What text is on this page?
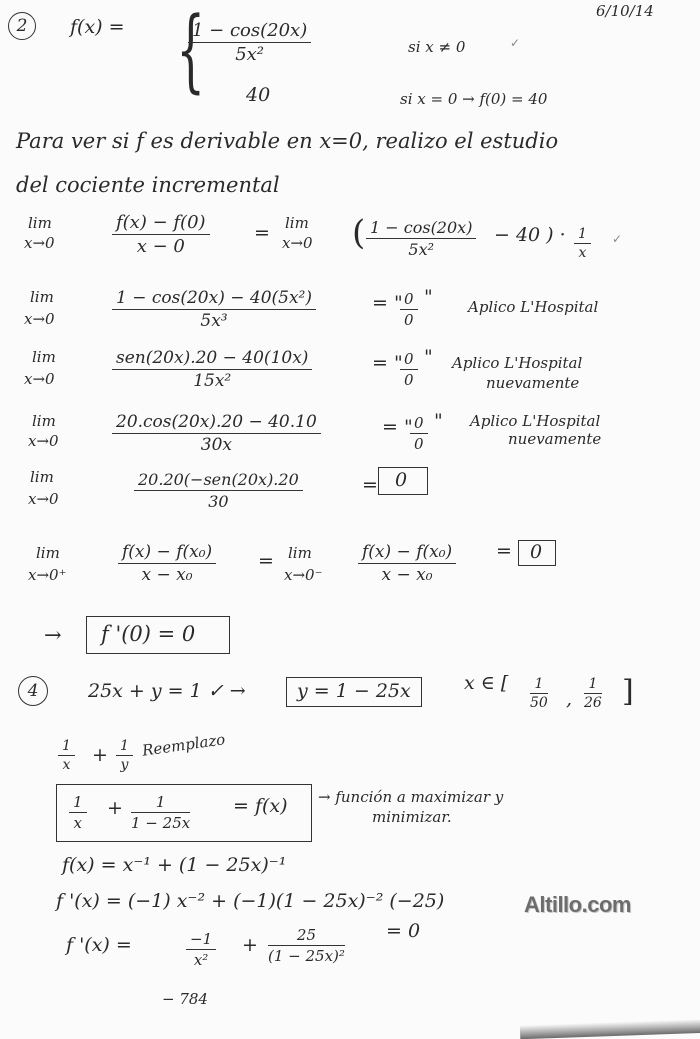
6/10/14
2	f(x) = {
$\frac{1 - \cos(20x)}{\text{5x²}}$	si x ≠ 0	✓
40	si x = 0 → f(0) = 40
Para ver si f es derivable en x=0, realizo el estudio
del cociente incremental
lim
x→0	$\frac{f(x) - f(0)}{x - 0} = \lim$
x→0 ( $\frac{1 - \cos(20x)}{\text{5x²}} - 40$ ) · $\frac{1}{x}$ ✓
lim
x→0	$\frac{\text{1 − cos(20x) − 40(5x²)}}{\text{5x³}}$	= "
$\frac{0}{0}$ " Aplico L'Hospital
lim
x→0
sen(20x).20 − 40(10x)
15x²
= "
$\frac{0}{0}$ " Aplico L'Hospital
nuevamente
lim
x→0	$\frac{20.\cos(20x).20 - 40.10}{30x}$	= "
$\frac{0}{0}$ " Aplico L'Hospital
nuevamente
lim
x→0
20.20(−sen(20x).20
30
= 0
lim
x→0⁺	$\frac{\text{f(x) − f(x₀)}}{\text{x − x₀}} = \lim$
$x\to 0^- \frac{\text{f(x) − f(x₀)}}{\text{x − x₀}} = 0$
→ f '(0) = 0
4	25x + y = 1 ✓ →	y = 1 − 25x	x ∈ [ $\frac{1}{50}$ , $\frac{1}{26}$ ]
$\frac{1}{x} + \frac{1}{y}$ Reemplazo
$\frac{1}{x} + \frac{1}{1 - 25x} = f(x)$ → función a maximizar y
minimizar.
f(x) = x⁻¹ + (1 − 25x)⁻¹
f '(x) = (−1) x⁻² + (−1)(1 − 25x)⁻² (−25)
f '(x) =	$\frac{-1}{\text{x²}} + \frac{25}{\text{(1 − 25x)²}} = 0$
− 784
Altillo.com
